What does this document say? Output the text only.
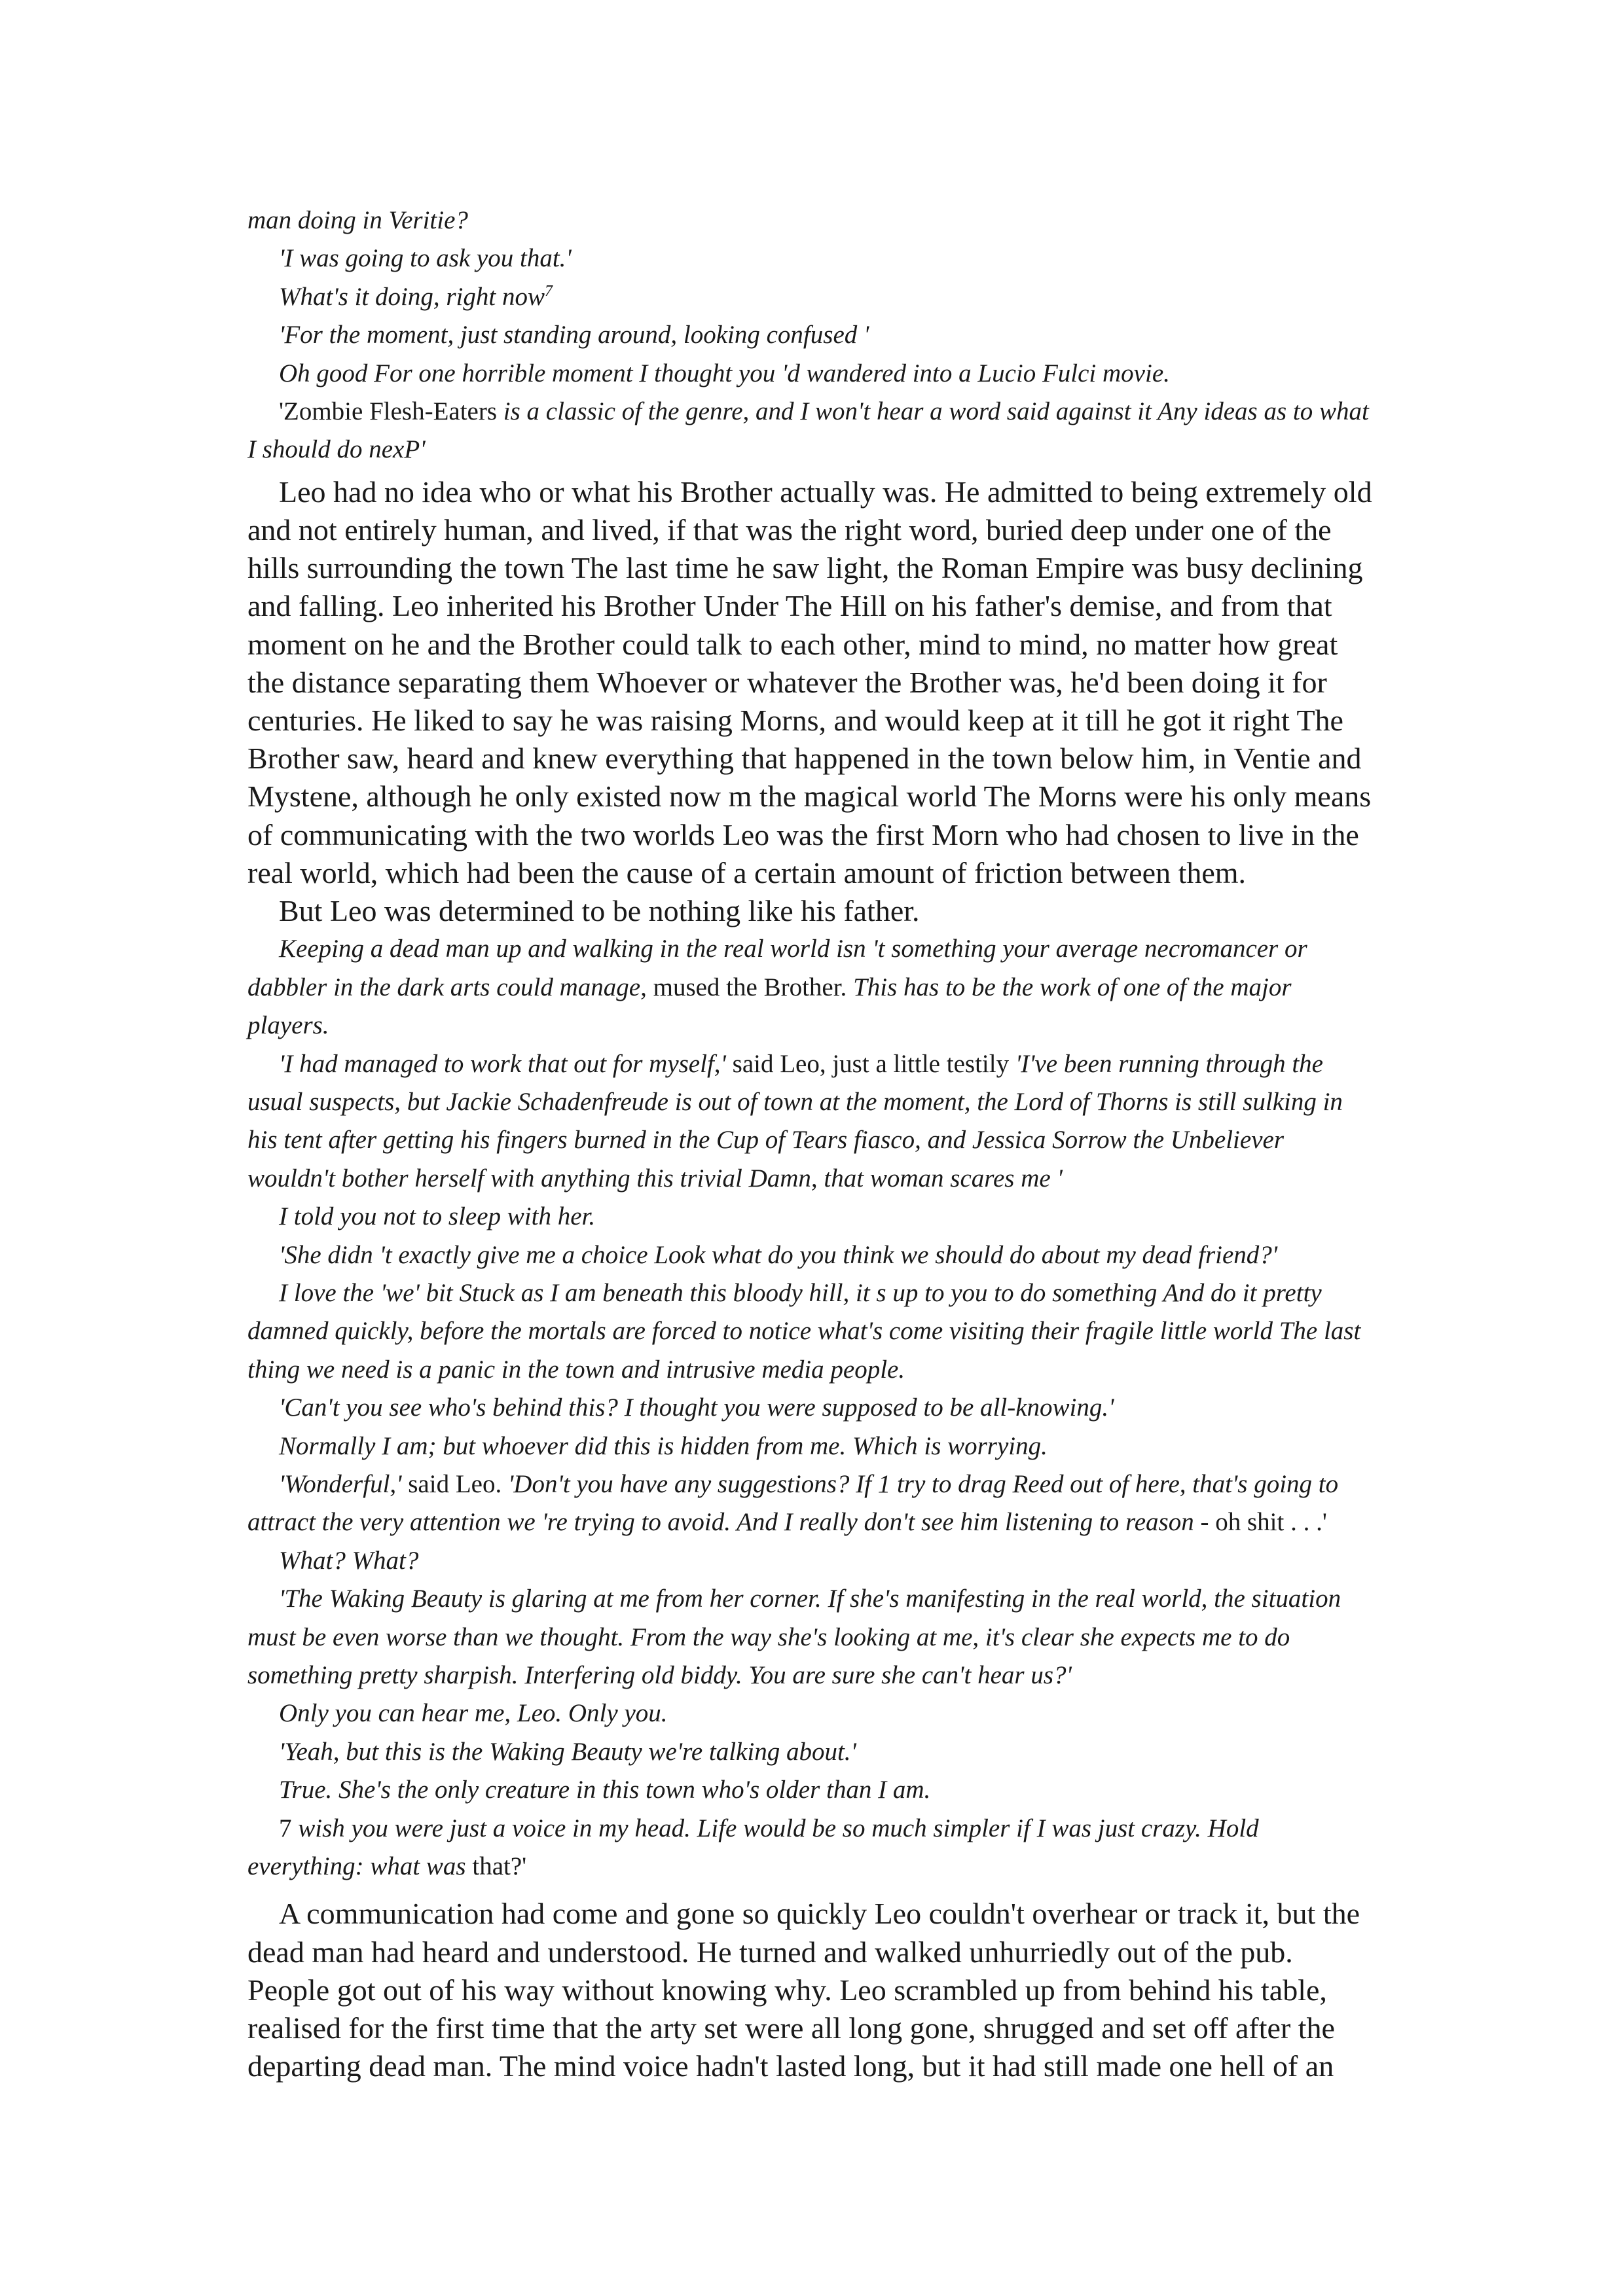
man doing in Veritie?

'I was going to ask you that.'

What's it doing, right now$^7$

'For the moment, just standing around, looking confused '

Oh good For one horrible moment I thought you 'd wandered into a Lucio Fulci movie.

'Zombie Flesh-Eaters is a classic of the genre, and I won't hear a word said against it Any ideas as to what I should do nexP'

Leo had no idea who or what his Brother actually was. He admitted to being extremely old and not entirely human, and lived, if that was the right word, buried deep under one of the hills surrounding the town The last time he saw light, the Roman Empire was busy declining and falling. Leo inherited his Brother Under The Hill on his father's demise, and from that moment on he and the Brother could talk to each other, mind to mind, no matter how great the distance separating them Whoever or whatever the Brother was, he'd been doing it for centuries. He liked to say he was raising Morns, and would keep at it till he got it right The Brother saw, heard and knew everything that happened in the town below him, in Ventie and Mystene, although he only existed now m the magical world The Morns were his only means of communicating with the two worlds Leo was the first Morn who had chosen to live in the real world, which had been the cause of a certain amount of friction between them.

But Leo was determined to be nothing like his father.

Keeping a dead man up and walking in the real world isn 't something your average necromancer or dabbler in the dark arts could manage, mused the Brother. This has to be the work of one of the major players.

'I had managed to work that out for myself,' said Leo, just a little testily 'I've been running through the usual suspects, but Jackie Schadenfreude is out of town at the moment, the Lord of Thorns is still sulking in his tent after getting his fingers burned in the Cup of Tears fiasco, and Jessica Sorrow the Unbeliever wouldn't bother herself with anything this trivial Damn, that woman scares me '

I told you not to sleep with her.

'She didn 't exactly give me a choice Look what do you think we should do about my dead friend?'

I love the 'we' bit Stuck as I am beneath this bloody hill, it s up to you to do something And do it pretty damned quickly, before the mortals are forced to notice what's come visiting their fragile little world The last thing we need is a panic in the town and intrusive media people.

'Can't you see who's behind this? I thought you were supposed to be all-knowing.'

Normally I am; but whoever did this is hidden from me. Which is worrying.

'Wonderful,' said Leo. 'Don't you have any suggestions? If 1 try to drag Reed out of here, that's going to attract the very attention we 're trying to avoid. And I really don't see him listening to reason - oh shit . . .'

What? What?

'The Waking Beauty is glaring at me from her corner. If she's manifesting in the real world, the situation must be even worse than we thought. From the way she's looking at me, it's clear she expects me to do something pretty sharpish. Interfering old biddy. You are sure she can't hear us?'

Only you can hear me, Leo. Only you.

'Yeah, but this is the Waking Beauty we're talking about.'

True. She's the only creature in this town who's older than I am.

7 wish you were just a voice in my head. Life would be so much simpler if I was just crazy. Hold everything: what was that?'

A communication had come and gone so quickly Leo couldn't overhear or track it, but the dead man had heard and understood. He turned and walked unhurriedly out of the pub. People got out of his way without knowing why. Leo scrambled up from behind his table, realised for the first time that the arty set were all long gone, shrugged and set off after the departing dead man. The mind voice hadn't lasted long, but it had still made one hell of an
